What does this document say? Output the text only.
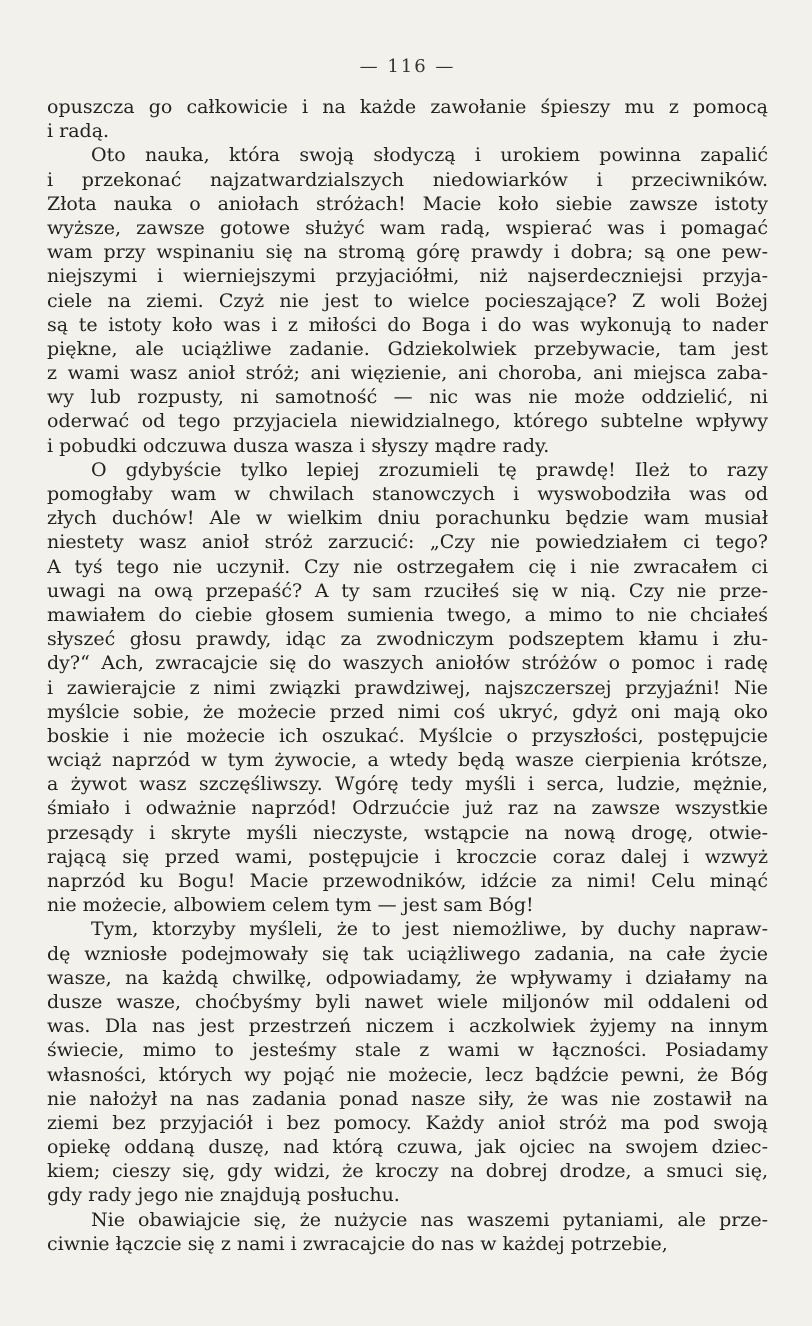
— 116 —
opuszcza go całkowicie i na każde zawołanie śpieszy mu z pomocą
i radą.
Oto nauka, która swoją słodyczą i urokiem powinna zapalić
i przekonać najzatwardzialszych niedowiarków i przeciwników.
Złota nauka o aniołach stróżach! Macie koło siebie zawsze istoty
wyższe, zawsze gotowe służyć wam radą, wspierać was i pomagać
wam przy wspinaniu się na stromą górę prawdy i dobra; są one pew-
niejszymi i wierniejszymi przyjaciółmi, niż najserdeczniejsi przyja-
ciele na ziemi. Czyż nie jest to wielce pocieszające? Z woli Bożej
są te istoty koło was i z miłości do Boga i do was wykonują to nader
piękne, ale uciążliwe zadanie. Gdziekolwiek przebywacie, tam jest
z wami wasz anioł stróż; ani więzienie, ani choroba, ani miejsca zaba-
wy lub rozpusty, ni samotność — nic was nie może oddzielić, ni
oderwać od tego przyjaciela niewidzialnego, którego subtelne wpływy
i pobudki odczuwa dusza wasza i słyszy mądre rady.
O gdybyście tylko lepiej zrozumieli tę prawdę! Ileż to razy
pomogłaby wam w chwilach stanowczych i wyswobodziła was od
złych duchów! Ale w wielkim dniu porachunku będzie wam musiał
niestety wasz anioł stróż zarzucić: „Czy nie powiedziałem ci tego?
A tyś tego nie uczynił. Czy nie ostrzegałem cię i nie zwracałem ci
uwagi na ową przepaść? A ty sam rzuciłeś się w nią. Czy nie prze-
mawiałem do ciebie głosem sumienia twego, a mimo to nie chciałeś
słyszeć głosu prawdy, idąc za zwodniczym podszeptem kłamu i złu-
dy?“ Ach, zwracajcie się do waszych aniołów stróżów o pomoc i radę
i zawierajcie z nimi związki prawdziwej, najszczerszej przyjaźni! Nie
myślcie sobie, że możecie przed nimi coś ukryć, gdyż oni mają oko
boskie i nie możecie ich oszukać. Myślcie o przyszłości, postępujcie
wciąż naprzód w tym żywocie, a wtedy będą wasze cierpienia krótsze,
a żywot wasz szczęśliwszy. Wgórę tedy myśli i serca, ludzie, mężnie,
śmiało i odważnie naprzód! Odrzućcie już raz na zawsze wszystkie
przesądy i skryte myśli nieczyste, wstąpcie na nową drogę, otwie-
rającą się przed wami, postępujcie i kroczcie coraz dalej i wzwyż
naprzód ku Bogu! Macie przewodników, idźcie za nimi! Celu minąć
nie możecie, albowiem celem tym — jest sam Bóg!
Tym, ktorzyby myśleli, że to jest niemożliwe, by duchy napraw-
dę wzniosłe podejmowały się tak uciążliwego zadania, na całe życie
wasze, na każdą chwilkę, odpowiadamy, że wpływamy i działamy na
dusze wasze, choćbyśmy byli nawet wiele miljonów mil oddaleni od
was. Dla nas jest przestrzeń niczem i aczkolwiek żyjemy na innym
świecie, mimo to jesteśmy stale z wami w łączności. Posiadamy
własności, których wy pojąć nie możecie, lecz bądźcie pewni, że Bóg
nie nałożył na nas zadania ponad nasze siły, że was nie zostawił na
ziemi bez przyjaciół i bez pomocy. Każdy anioł stróż ma pod swoją
opiekę oddaną duszę, nad którą czuwa, jak ojciec na swojem dziec-
kiem; cieszy się, gdy widzi, że kroczy na dobrej drodze, a smuci się,
gdy rady jego nie znajdują posłuchu.
Nie obawiajcie się, że nużycie nas waszemi pytaniami, ale prze-
ciwnie łączcie się z nami i zwracajcie do nas w każdej potrzebie,
